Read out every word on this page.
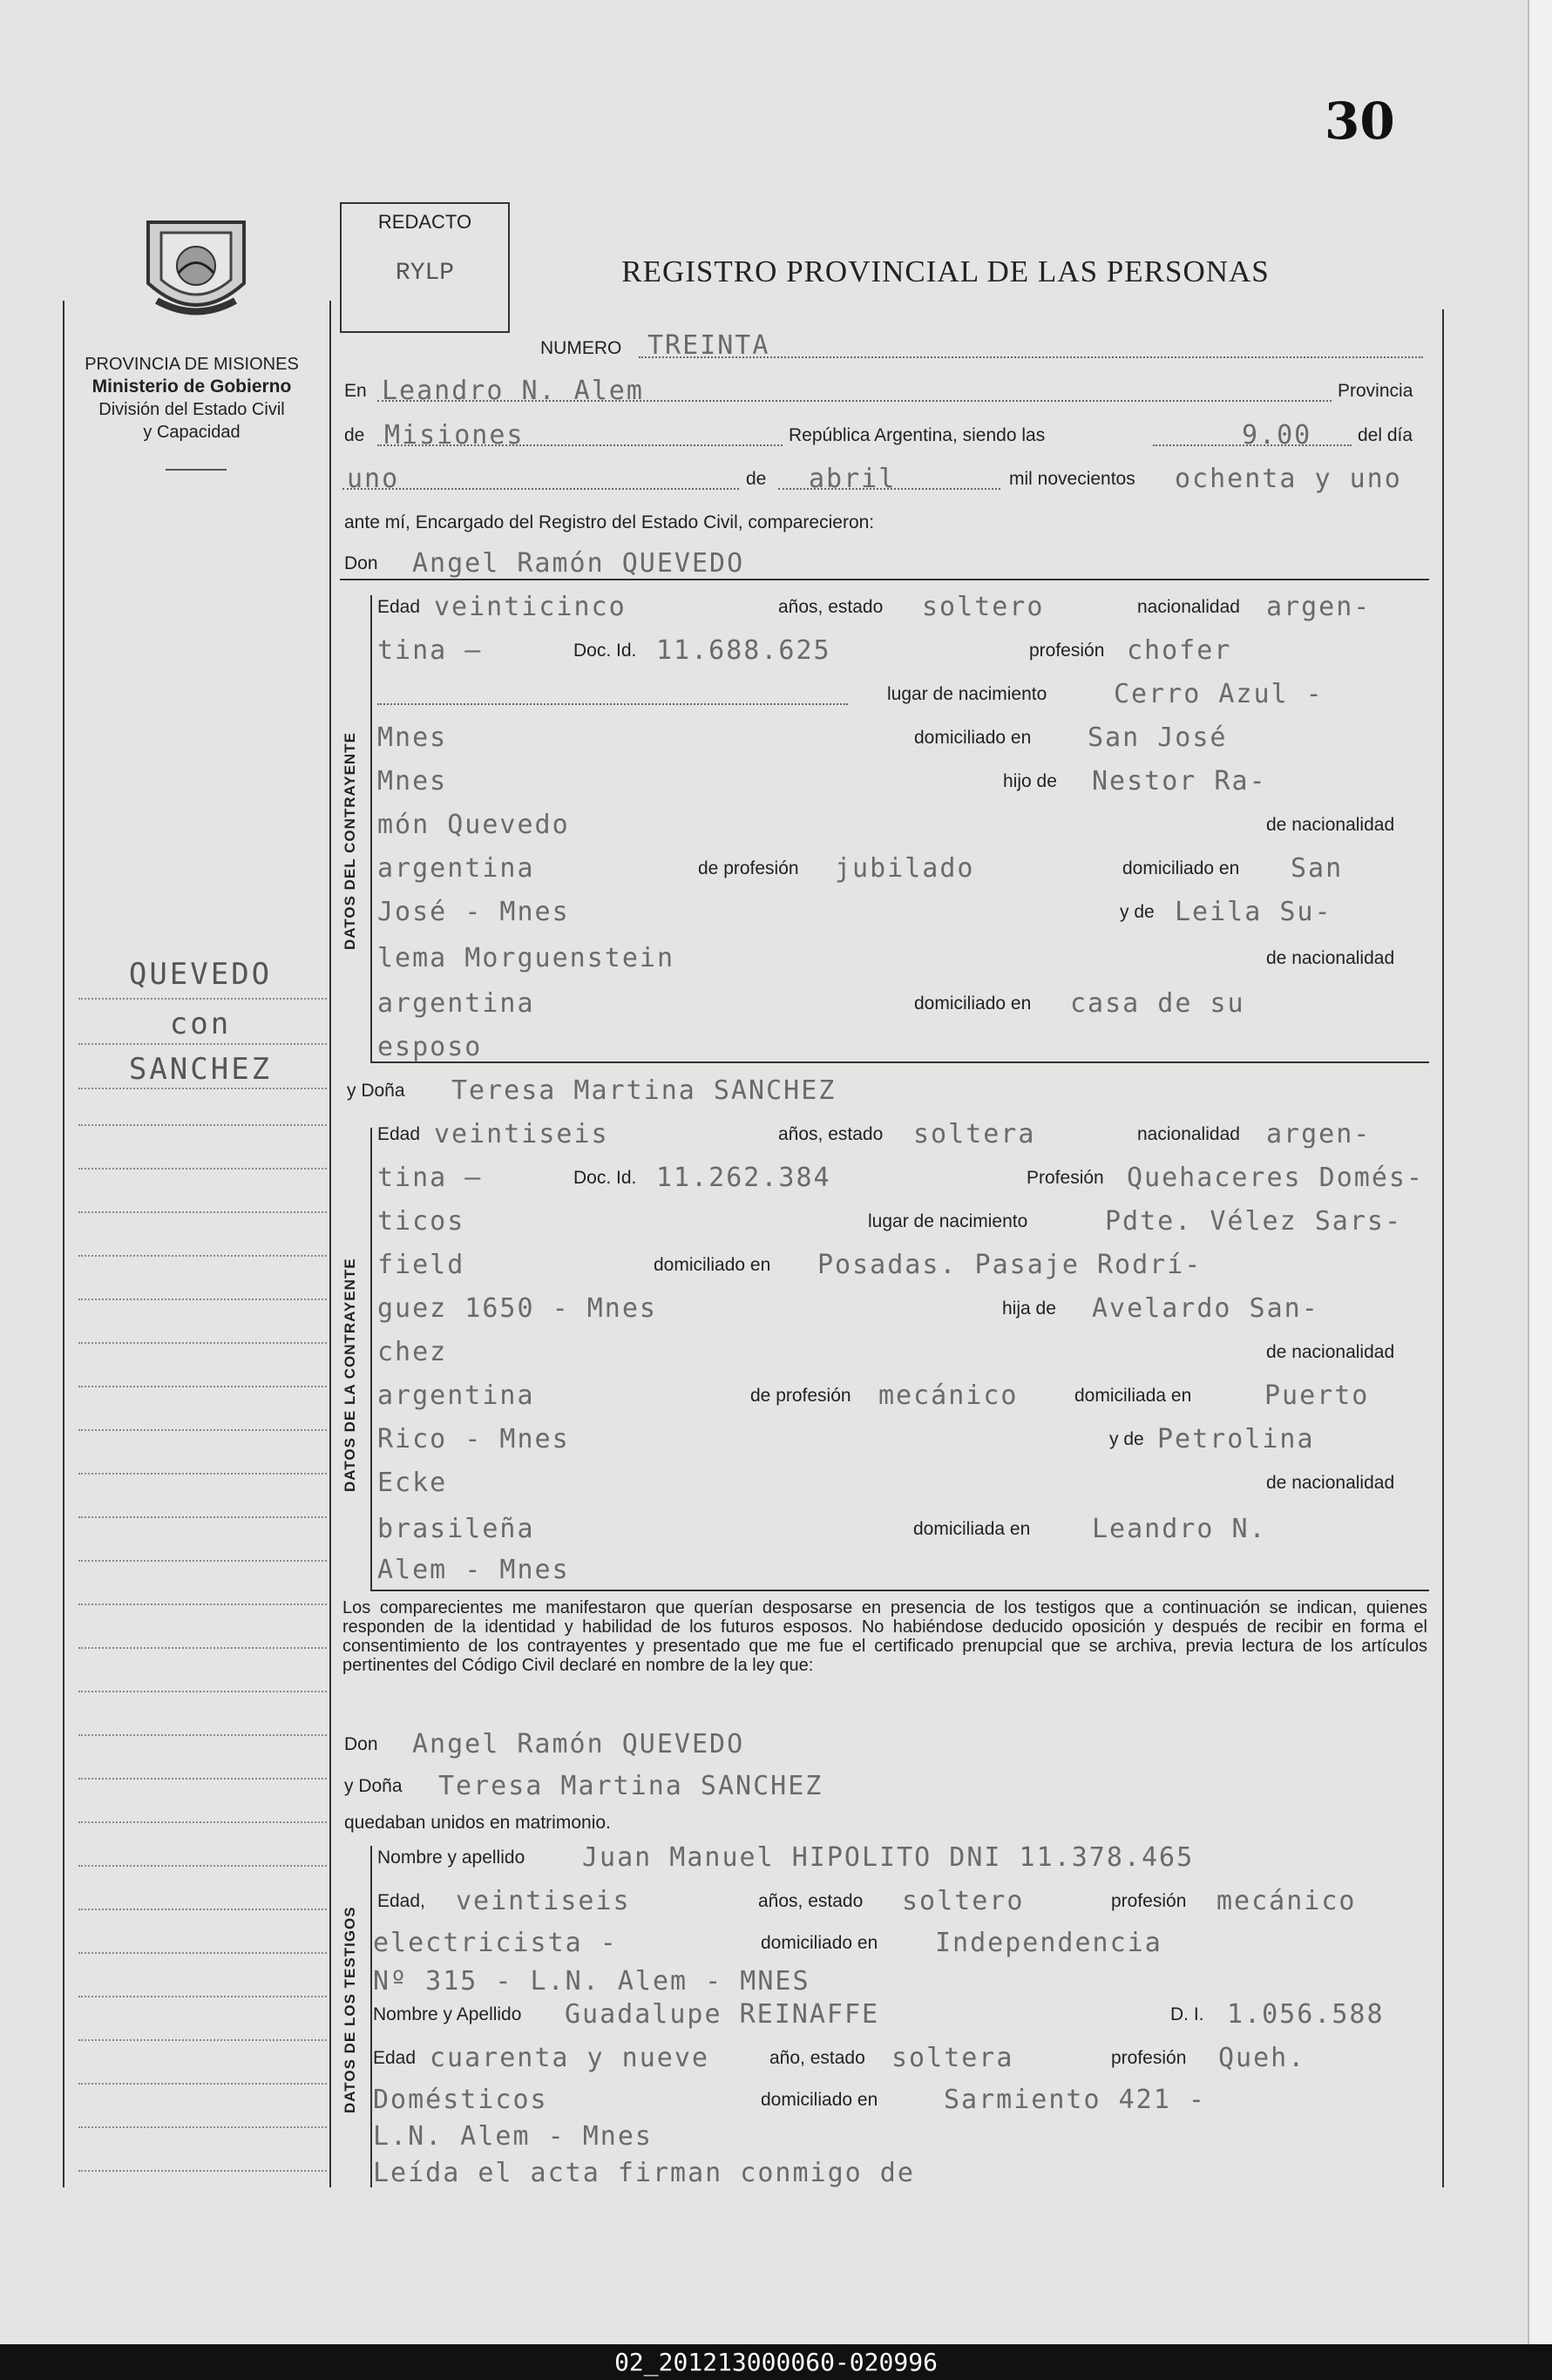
30
PROVINCIA DE MISIONES
Ministerio de Gobierno
División del Estado Civil
y Capacidad
REDACTO
RYLP	REGISTRO PROVINCIAL DE LAS PERSONAS
DATOS DEL CONTRAYENTE
DATOS DE LA CONTRAYENTE
DATOS DE LOS TESTIGOS
QUEVEDO
con
SANCHEZ
NUMERO TREINTA
En Leandro N. Alem	Provincia
de Misiones	República Argentina, siendo las	9.00	del día
uno	de abril	mil novecientos ochenta y uno
ante mí, Encargado del Registro del Estado Civil, comparecieron:
Don Angel Ramón QUEVEDO
Edad veinticinco	años, estado soltero	nacionalidad argen-
tina —	Doc. Id. 11.688.625	profesión chofer
lugar de nacimiento	Cerro Azul -
Mnes	domiciliado en San José
Mnes	hijo de Nestor Ra-
món Quevedo	de nacionalidad
argentina	de profesión jubilado	domiciliado en San
José - Mnes	y de Leila Su-
lema Morguenstein	de nacionalidad
argentina	domiciliado en casa de su
esposo
y Doña Teresa Martina SANCHEZ
Edad veintiseis	años, estado soltera	nacionalidad argen-
tina —	Doc. Id. 11.262.384	Profesión Quehaceres Domés-
ticos	lugar de nacimiento	Pdte. Vélez Sars-
field	domiciliado en Posadas. Pasaje Rodrí-
guez 1650 - Mnes	hija de Avelardo San-
chez	de nacionalidad
argentina	de profesión mecánico	domiciliada en	Puerto
Rico - Mnes	y de Petrolina
Ecke	de nacionalidad
brasileña	domiciliada en Leandro N.
Alem - Mnes
Los comparecientes me manifestaron que querían desposarse en presencia de los testigos que a continuación se indican, quienes responden de la identidad y habilidad de los futuros esposos. No habiéndose deducido oposición y después de recibir en forma el consentimiento de los contrayentes y presentado que me fue el certificado prenupcial que se archiva, previa lectura de los artículos pertinentes del Código Civil declaré en nombre de la ley que:
Don Angel Ramón QUEVEDO
y Doña Teresa Martina SANCHEZ
quedaban unidos en matrimonio.
Nombre y apellido Juan Manuel HIPOLITO DNI 11.378.465
Edad, veintiseis	años, estado soltero	profesión mecánico
electricista -	domiciliado en Independencia
Nº 315 - L.N. Alem - MNES
Nombre y Apellido Guadalupe REINAFFE	D. I. 1.056.588
Edad cuarenta y nueve	año, estado soltera	profesión Queh.
Domésticos	domiciliado en	Sarmiento 421 -
L.N. Alem - Mnes
Leída el acta firman conmigo de
02_201213000060-020996
